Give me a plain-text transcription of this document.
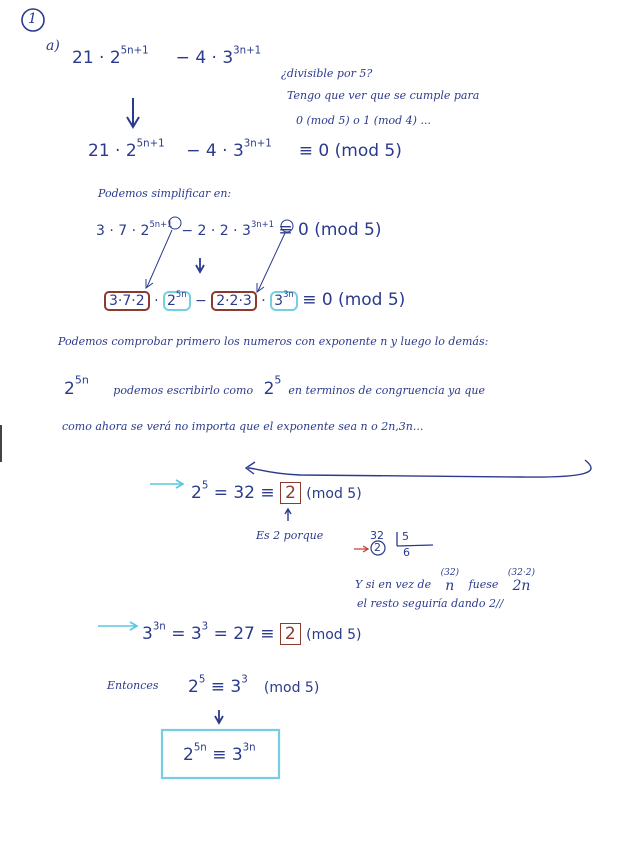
1
a)
$21 \cdot 2^{5n+1} - 4 \cdot 3^{3n+1}$
¿divisible por 5?
Tengo que ver que se cumple para
0 (mod 5) o 1 (mod 4) ...
$21 \cdot 2^{5n+1} - 4 \cdot 3^{3n+1} \equiv 0$ (mod 5)
Podemos simplificar en:
$3 \cdot 7 \cdot 2^{5n+1} - 2 \cdot 2 \cdot 3^{3n+1} \equiv 0$ (mod 5)
$3\cdot 7\cdot 2 \cdot 2^{5n} - 2\cdot 2\cdot 3 \cdot 3^{3n} \equiv 0$ (mod 5)
Podemos comprobar primero los numeros con exponente n y luego lo demás:
$2^{5n}$       podemos escribirlo como $2^5$  en terminos de congruencia ya que
como ahora se verá no importa que el exponente sea n o 2n,3n...
$2^5 = 32 \equiv 2$ (mod 5)
Es 2 porque	32 5
2 6
Y si en vez de
(32)
n fuese
(32·2)
2n
el resto seguiría dando 2//
$3^{3n} = 3^3 = 27 \equiv 2$ (mod 5)
Entonces $2^5 \equiv 3^3$   (mod 5)
$2^{5n} \equiv 3^{3n}$
